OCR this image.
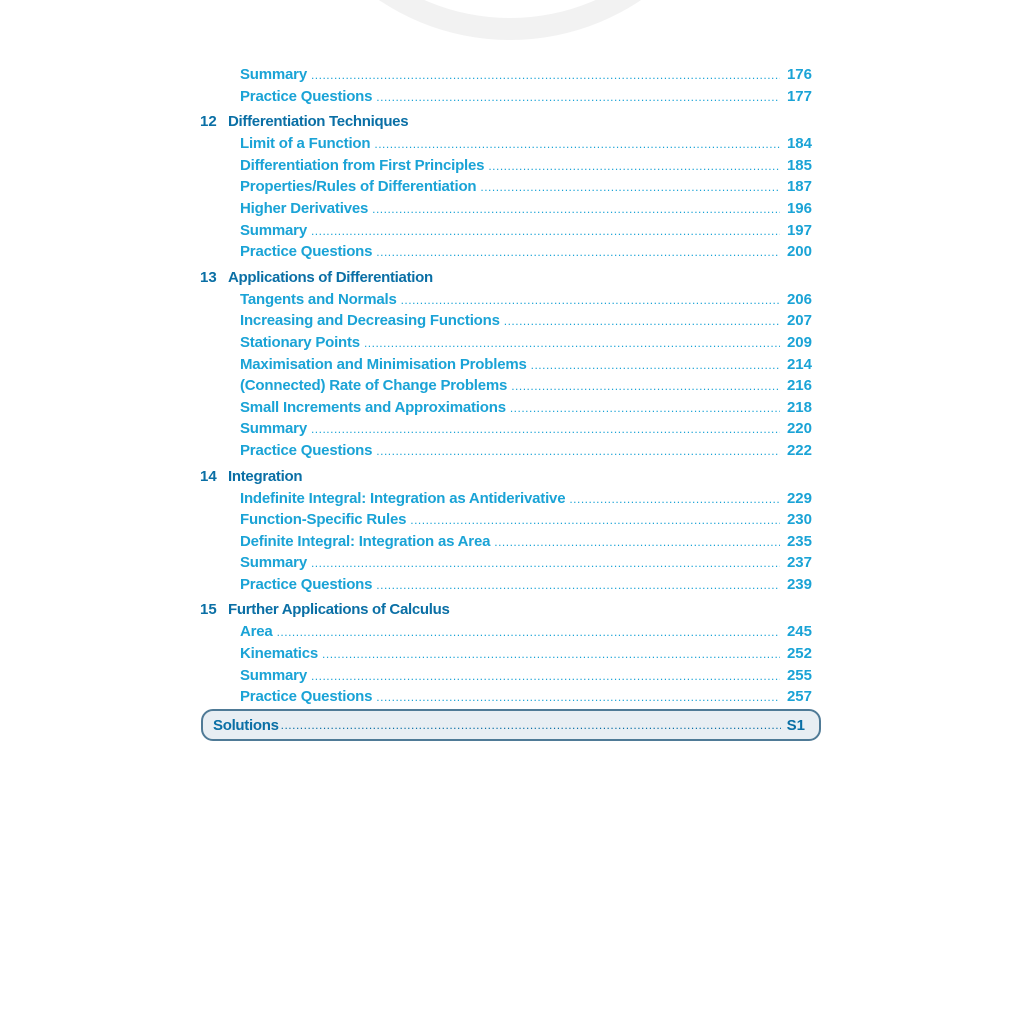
Summary .....	176
Practice Questions .....	177
12 Differentiation Techniques
Limit of a Function .....	184
Differentiation from First Principles .....	185
Properties/Rules of Differentiation .....	187
Higher Derivatives .....	196
Summary .....	197
Practice Questions .....	200
13 Applications of Differentiation
Tangents and Normals .....	206
Increasing and Decreasing Functions .....	207
Stationary Points .....	209
Maximisation and Minimisation Problems .....	214
(Connected) Rate of Change Problems .....	216
Small Increments and Approximations .....	218
Summary .....	220
Practice Questions .....	222
14 Integration
Indefinite Integral: Integration as Antiderivative .....	229
Function-Specific Rules .....	230
Definite Integral: Integration as Area .....	235
Summary .....	237
Practice Questions .....	239
15 Further Applications of Calculus
Area .....	245
Kinematics .....	252
Summary .....	255
Practice Questions .....	257
Solutions .....	S1
